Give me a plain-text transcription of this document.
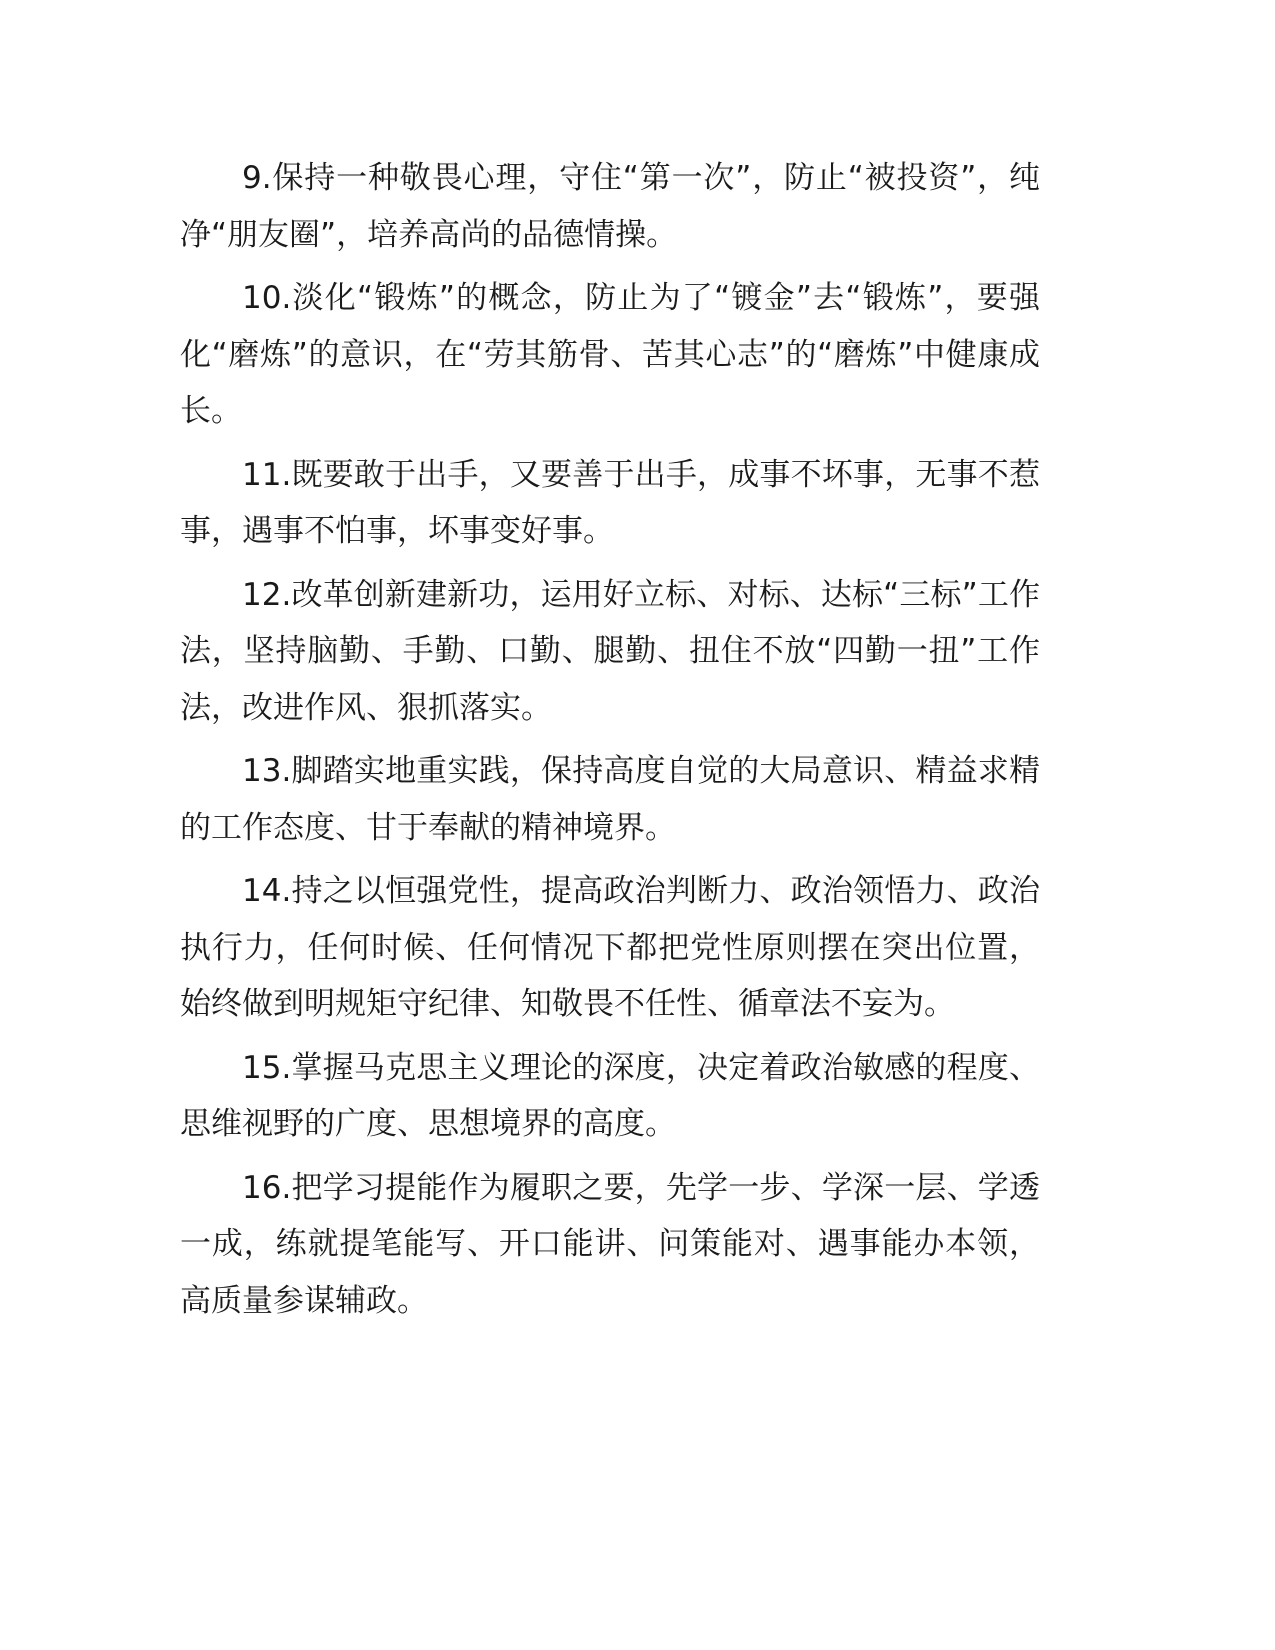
9.保持一种敬畏心理，守住“第一次”，防止“被投资”，纯净“朋友圈”，培养高尚的品德情操。

10.淡化“锻炼”的概念，防止为了“镀金”去“锻炼”，要强化“磨炼”的意识，在“劳其筋骨、苦其心志”的“磨炼”中健康成长。

11.既要敢于出手，又要善于出手，成事不坏事，无事不惹事，遇事不怕事，坏事变好事。

12.改革创新建新功，运用好立标、对标、达标“三标”工作法，坚持脑勤、手勤、口勤、腿勤、扭住不放“四勤一扭”工作法，改进作风、狠抓落实。

13.脚踏实地重实践，保持高度自觉的大局意识、精益求精的工作态度、甘于奉献的精神境界。

14.持之以恒强党性，提高政治判断力、政治领悟力、政治执行力，任何时候、任何情况下都把党性原则摆在突出位置，始终做到明规矩守纪律、知敬畏不任性、循章法不妄为。

15.掌握马克思主义理论的深度，决定着政治敏感的程度、思维视野的广度、思想境界的高度。

16.把学习提能作为履职之要，先学一步、学深一层、学透一成，练就提笔能写、开口能讲、问策能对、遇事能办本领，高质量参谋辅政。
